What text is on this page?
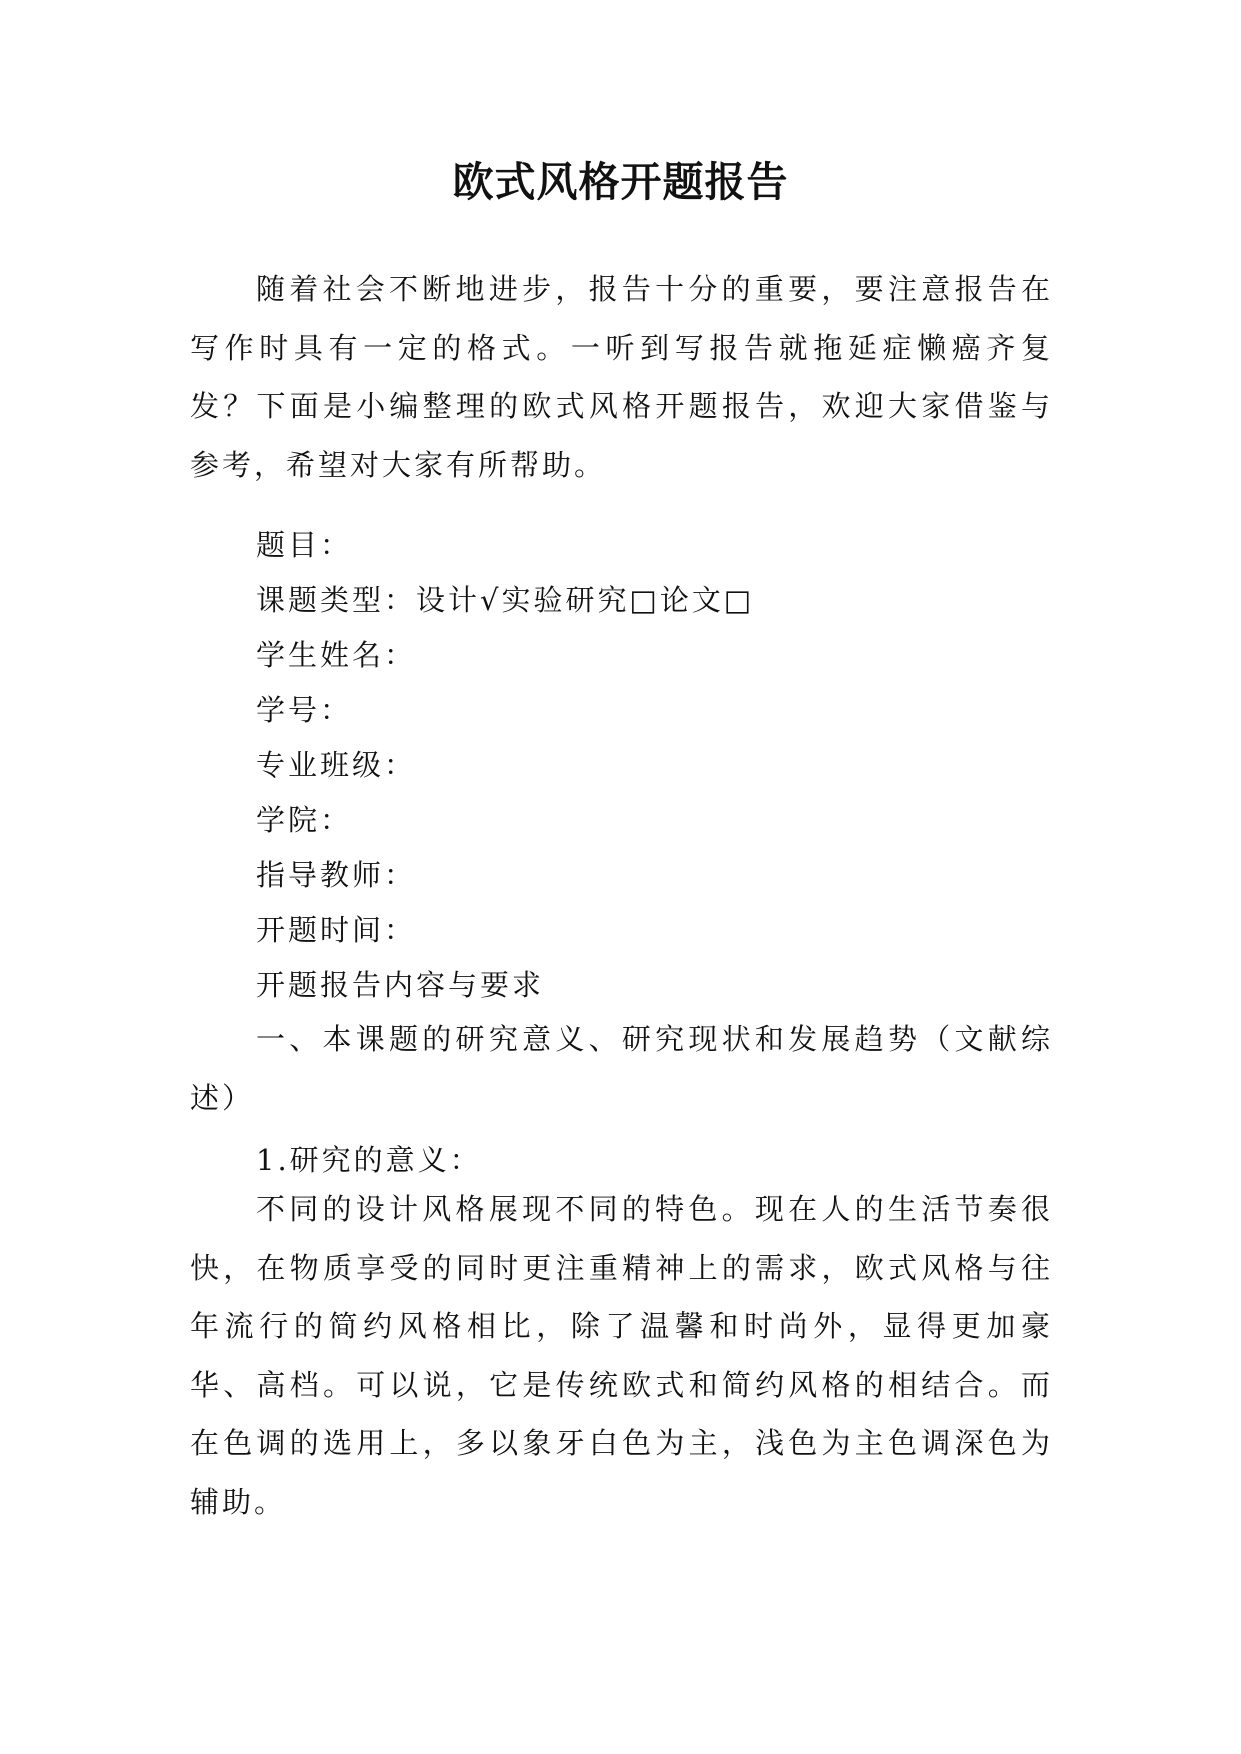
欧式风格开题报告
随着社会不断地进步，报告十分的重要，要注意报告在写作时具有一定的格式。一听到写报告就拖延症懒癌齐复发？下面是小编整理的欧式风格开题报告，欢迎大家借鉴与参考，希望对大家有所帮助。
题目：
课题类型：设计√实验研究□论文□
学生姓名：
学号：
专业班级：
学院：
指导教师：
开题时间：
开题报告内容与要求
一、本课题的研究意义、研究现状和发展趋势（文献综述）
1.研究的意义：
不同的设计风格展现不同的特色。现在人的生活节奏很快，在物质享受的同时更注重精神上的需求，欧式风格与往年流行的简约风格相比，除了温馨和时尚外，显得更加豪华、高档。可以说，它是传统欧式和简约风格的相结合。而在色调的选用上，多以象牙白色为主，浅色为主色调深色为辅助。
